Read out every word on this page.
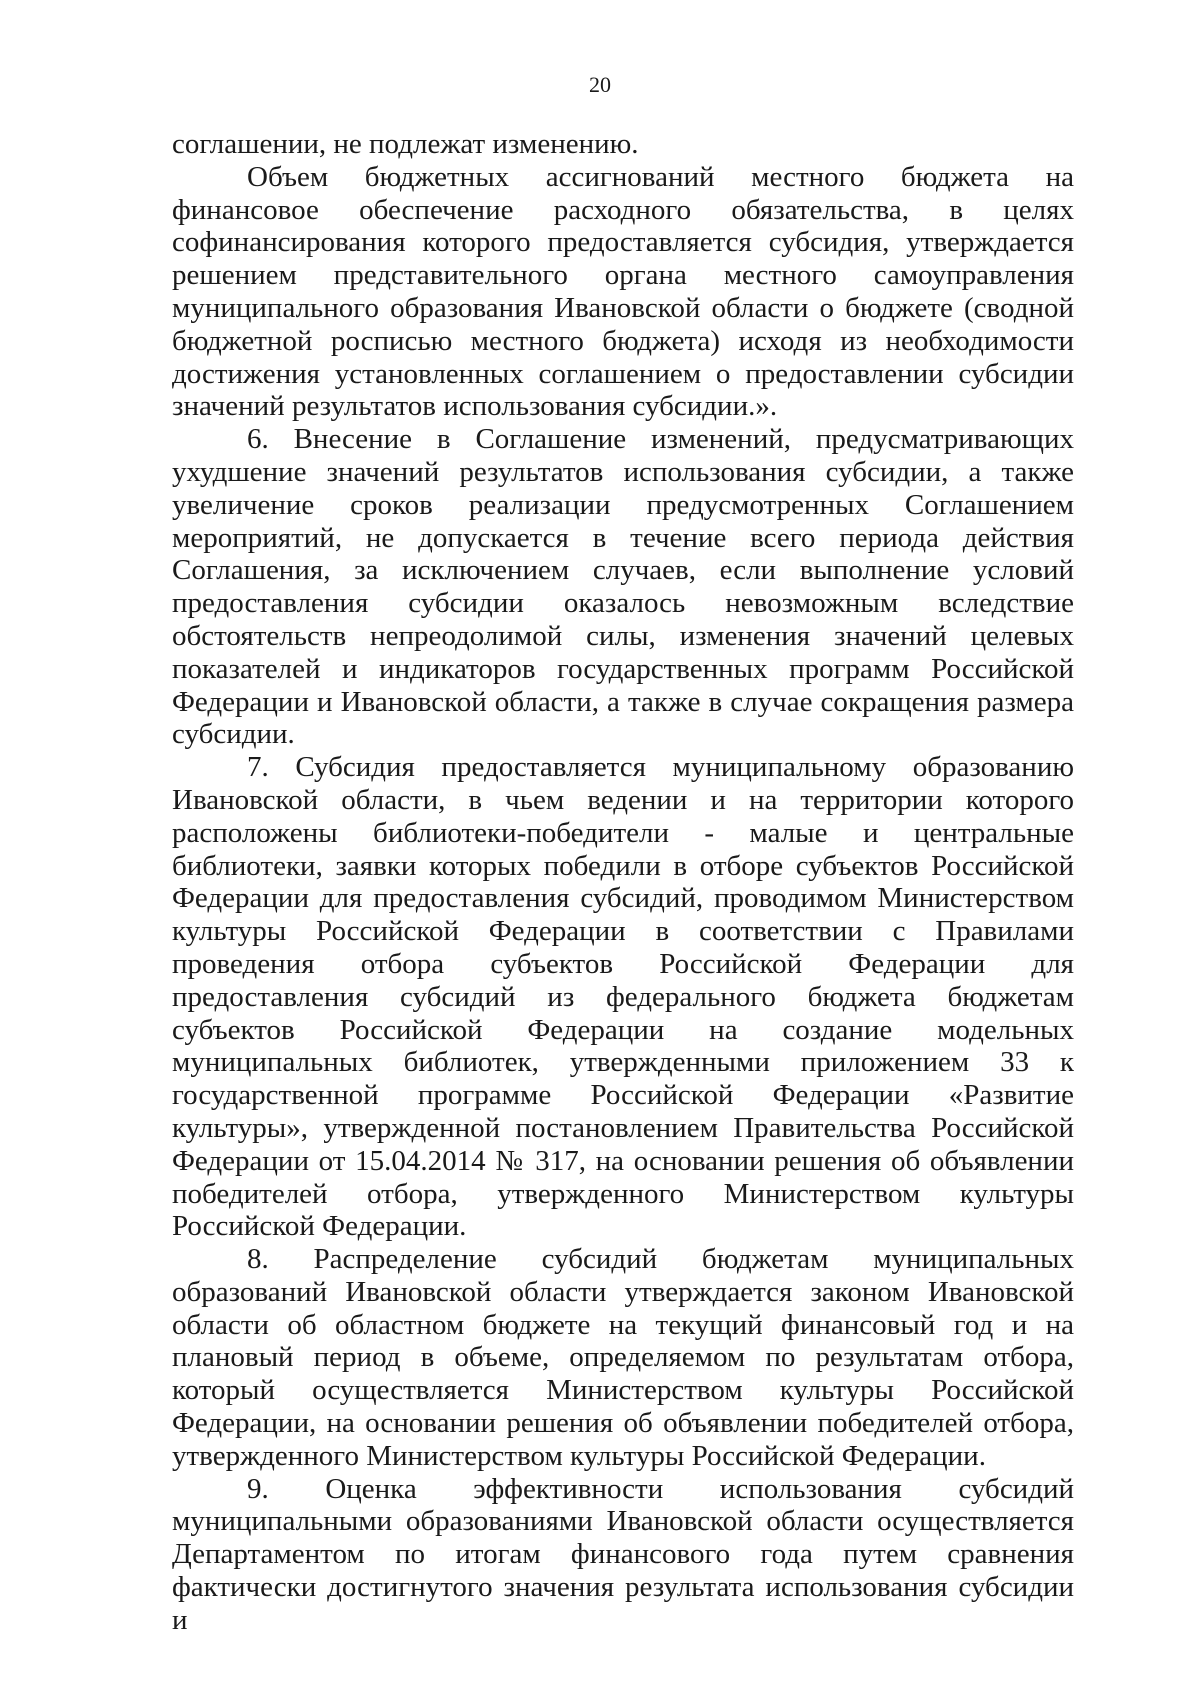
20

соглашении, не подлежат изменению.

Объем бюджетных ассигнований местного бюджета на финансовое обеспечение расходного обязательства, в целях софинансирования которого предоставляется субсидия, утверждается решением представительного органа местного самоуправления муниципального образования Ивановской области о бюджете (сводной бюджетной росписью местного бюджета) исходя из необходимости достижения установленных соглашением о предоставлении субсидии значений результатов использования субсидии.».

6. Внесение в Соглашение изменений, предусматривающих ухудшение значений результатов использования субсидии, а также увеличение сроков реализации предусмотренных Соглашением мероприятий, не допускается в течение всего периода действия Соглашения, за исключением случаев, если выполнение условий предоставления субсидии оказалось невозможным вследствие обстоятельств непреодолимой силы, изменения значений целевых показателей и индикаторов государственных программ Российской Федерации и Ивановской области, а также в случае сокращения размера субсидии.

7. Субсидия предоставляется муниципальному образованию Ивановской области, в чьем ведении и на территории которого расположены библиотеки-победители - малые и центральные библиотеки, заявки которых победили в отборе субъектов Российской Федерации для предоставления субсидий, проводимом Министерством культуры Российской Федерации в соответствии с Правилами проведения отбора субъектов Российской Федерации для предоставления субсидий из федерального бюджета бюджетам субъектов Российской Федерации на создание модельных муниципальных библиотек, утвержденными приложением 33 к государственной программе Российской Федерации «Развитие культуры», утвержденной постановлением Правительства Российской Федерации от 15.04.2014 № 317, на основании решения об объявлении победителей отбора, утвержденного Министерством культуры Российской Федерации.

8. Распределение субсидий бюджетам муниципальных образований Ивановской области утверждается законом Ивановской области об областном бюджете на текущий финансовый год и на плановый период в объеме, определяемом по результатам отбора, который осуществляется Министерством культуры Российской Федерации, на основании решения об объявлении победителей отбора, утвержденного Министерством культуры Российской Федерации.

9. Оценка эффективности использования субсидий муниципальными образованиями Ивановской области осуществляется Департаментом по итогам финансового года путем сравнения фактически достигнутого значения результата использования субсидии и
